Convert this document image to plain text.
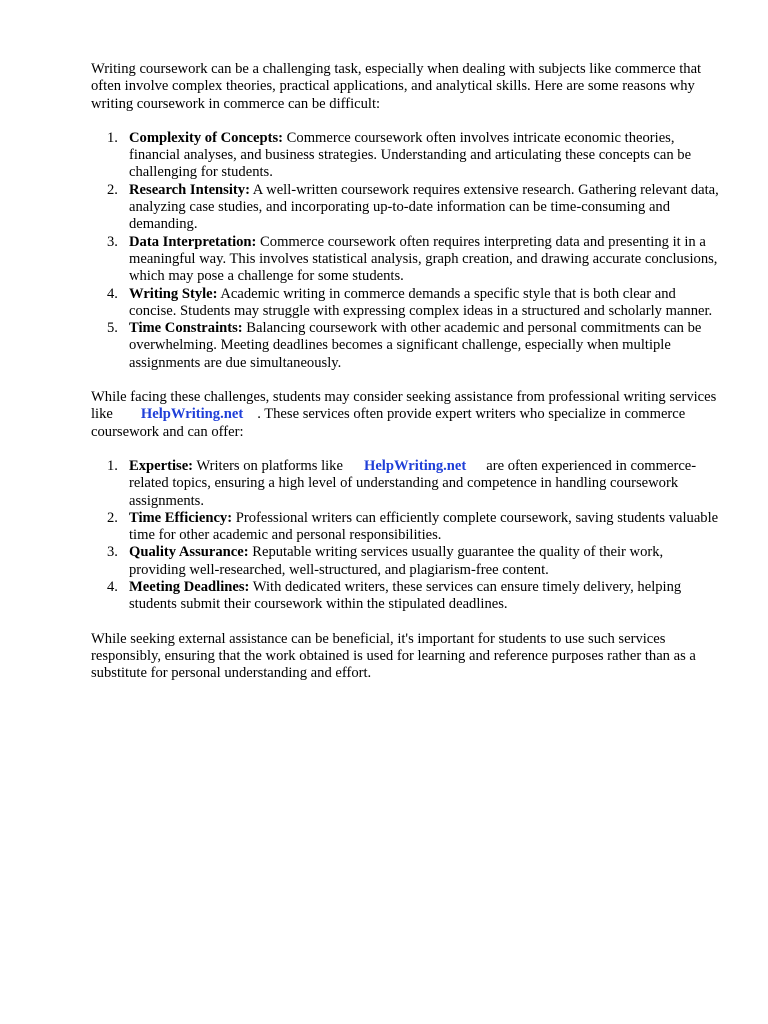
Writing coursework can be a challenging task, especially when dealing with subjects like commerce that often involve complex theories, practical applications, and analytical skills. Here are some reasons why writing coursework in commerce can be difficult:

1. Complexity of Concepts: Commerce coursework often involves intricate economic theories, financial analyses, and business strategies. Understanding and articulating these concepts can be challenging for students.
2. Research Intensity: A well-written coursework requires extensive research. Gathering relevant data, analyzing case studies, and incorporating up-to-date information can be time-consuming and demanding.
3. Data Interpretation: Commerce coursework often requires interpreting data and presenting it in a meaningful way. This involves statistical analysis, graph creation, and drawing accurate conclusions, which may pose a challenge for some students.
4. Writing Style: Academic writing in commerce demands a specific style that is both clear and concise. Students may struggle with expressing complex ideas in a structured and scholarly manner.
5. Time Constraints: Balancing coursework with other academic and personal commitments can be overwhelming. Meeting deadlines becomes a significant challenge, especially when multiple assignments are due simultaneously.

While facing these challenges, students may consider seeking assistance from professional writing services like HelpWriting.net . These services often provide expert writers who specialize in commerce coursework and can offer:

1. Expertise: Writers on platforms like HelpWriting.net are often experienced in commerce-related topics, ensuring a high level of understanding and competence in handling coursework assignments.
2. Time Efficiency: Professional writers can efficiently complete coursework, saving students valuable time for other academic and personal responsibilities.
3. Quality Assurance: Reputable writing services usually guarantee the quality of their work, providing well-researched, well-structured, and plagiarism-free content.
4. Meeting Deadlines: With dedicated writers, these services can ensure timely delivery, helping students submit their coursework within the stipulated deadlines.

While seeking external assistance can be beneficial, it's important for students to use such services responsibly, ensuring that the work obtained is used for learning and reference purposes rather than as a substitute for personal understanding and effort.
